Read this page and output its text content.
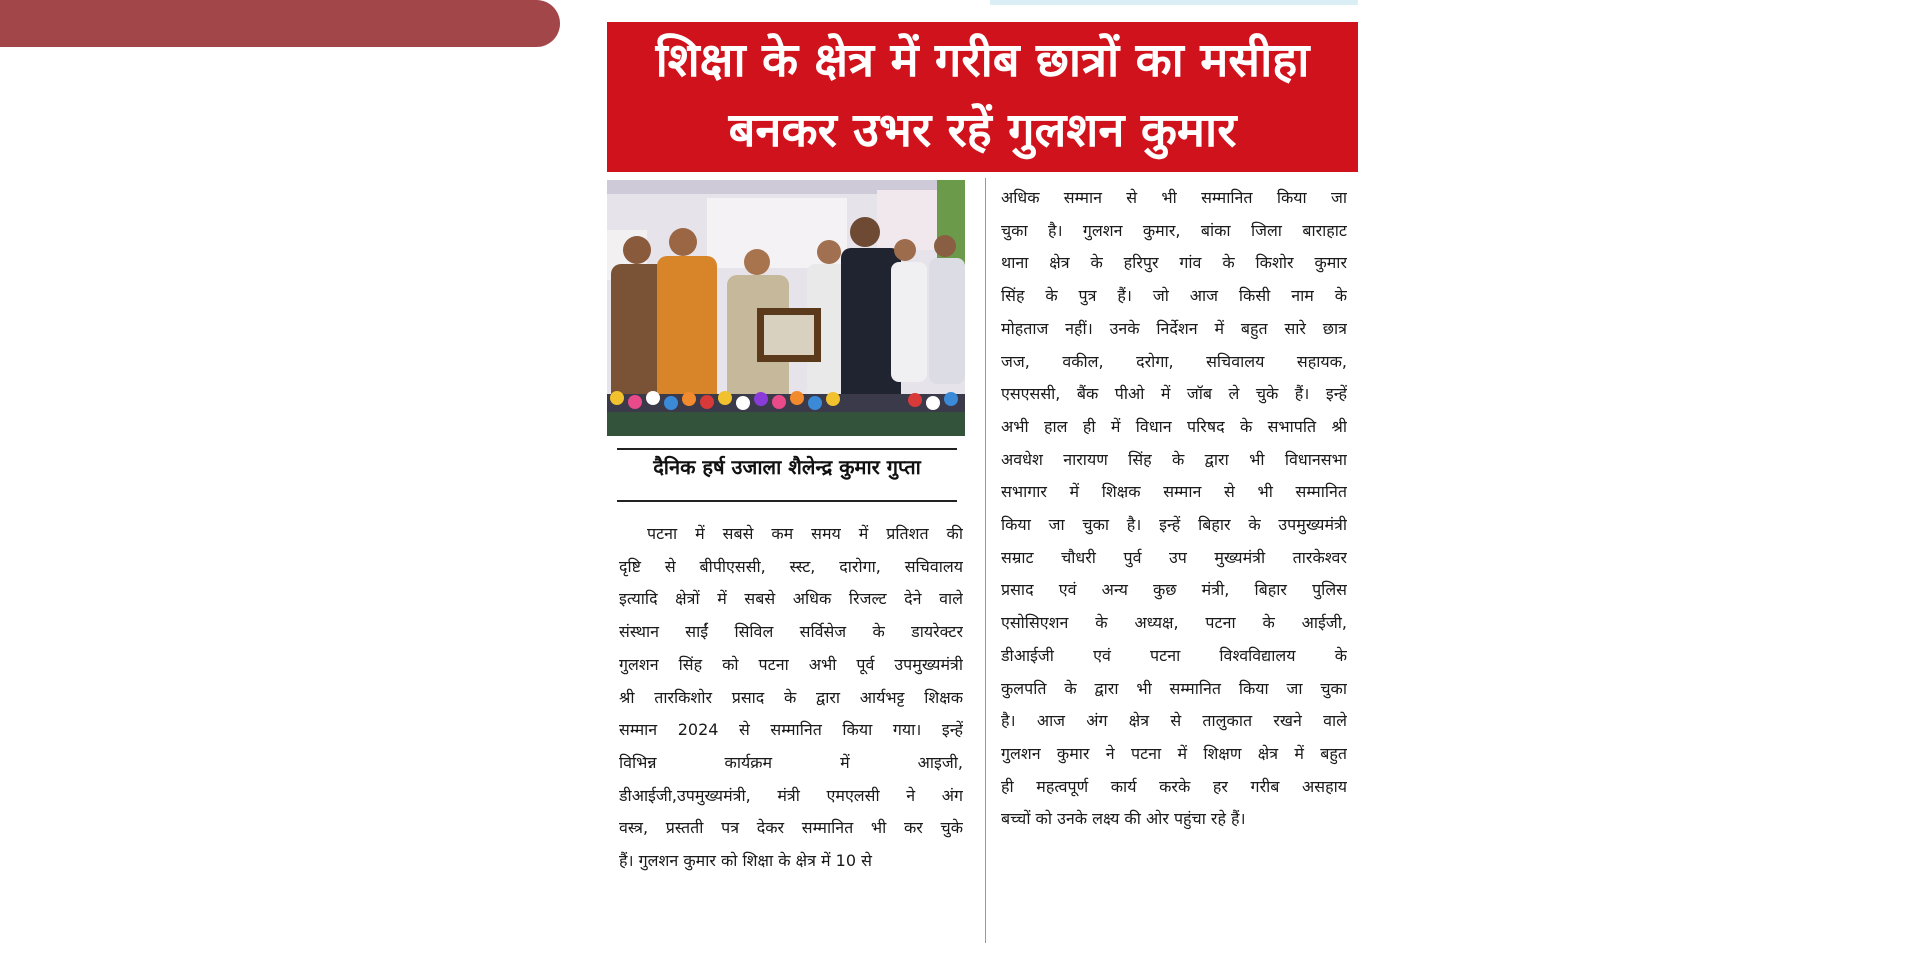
शिक्षा के क्षेत्र में गरीब छात्रों का मसीहा
बनकर उभर रहें गुलशन कुमार
दैनिक हर्ष उजाला शैलेन्द्र कुमार गुप्ता
पटना में सबसे कम समय में प्रतिशत की
दृष्टि से बीपीएससी, स्स्ट, दारोगा, सचिवालय
इत्यादि क्षेत्रों में सबसे अधिक रिजल्ट देने वाले
संस्थान साईं सिविल सर्विसेज के डायरेक्टर
गुलशन सिंह को पटना अभी पूर्व उपमुख्यमंत्री
श्री तारकिशोर प्रसाद के द्वारा आर्यभट्ट शिक्षक
सम्मान 2024 से सम्मानित किया गया। इन्हें
विभिन्न कार्यक्रम में आइजी,
डीआईजी,उपमुख्यमंत्री, मंत्री एमएलसी ने अंग
वस्त्र, प्रस्तती पत्र देकर सम्मानित भी कर चुके
हैं। गुलशन कुमार को शिक्षा के क्षेत्र में 10 से
अधिक सम्मान से भी सम्मानित किया जा
चुका है। गुलशन कुमार, बांका जिला बाराहाट
थाना क्षेत्र के हरिपुर गांव के किशोर कुमार
सिंह के पुत्र हैं। जो आज किसी नाम के
मोहताज नहीं। उनके निर्देशन में बहुत सारे छात्र
जज, वकील, दरोगा, सचिवालय सहायक,
एसएससी, बैंक पीओ में जॉब ले चुके हैं। इन्हें
अभी हाल ही में विधान परिषद के सभापति श्री
अवधेश नारायण सिंह के द्वारा भी विधानसभा
सभागार में शिक्षक सम्मान से भी सम्मानित
किया जा चुका है। इन्हें बिहार के उपमुख्यमंत्री
सम्राट चौधरी पुर्व उप मुख्यमंत्री तारकेश्वर
प्रसाद एवं अन्य कुछ मंत्री, बिहार पुलिस
एसोसिएशन के अध्यक्ष, पटना के आईजी,
डीआईजी एवं पटना विश्वविद्यालय के
कुलपति के द्वारा भी सम्मानित किया जा चुका
है। आज अंग क्षेत्र से तालुकात रखने वाले
गुलशन कुमार ने पटना में शिक्षण क्षेत्र में बहुत
ही महत्वपूर्ण कार्य करके हर गरीब असहाय
बच्चों को उनके लक्ष्य की ओर पहुंचा रहे हैं।
